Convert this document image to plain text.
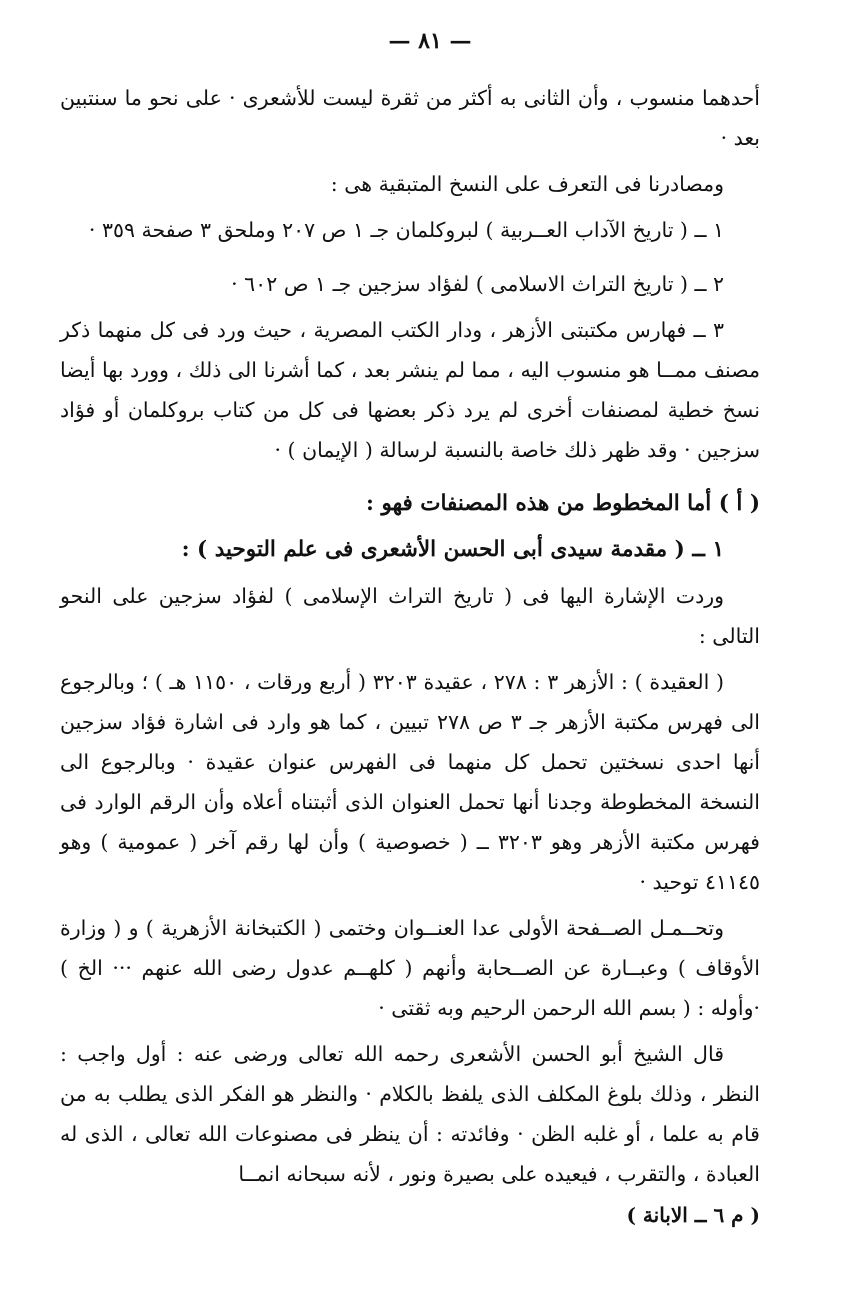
— ٨١ —

أحدهما منسوب ، وأن الثانى به أكثر من ثقرة ليست للأشعرى · على نحو ما سنتبين بعد ·

ومصادرنا فى التعرف على النسخ المتبقية هى :

١ ــ ( تاريخ الآداب العــربية ) لبروكلمان جـ ١ ص ٢٠٧ وملحق ٣ صفحة ٣٥٩ ·

٢ ــ ( تاريخ التراث الاسلامى ) لفؤاد سزجين جـ ١ ص ٦٠٢ ·

٣ ــ فهارس مكتبتى الأزهر ، ودار الكتب المصرية ، حيث ورد فى كل منهما ذكر مصنف ممــا هو منسوب اليه ، مما لم ينشر بعد ، كما أشرنا الى ذلك ، وورد بها أيضا نسخ خطية لمصنفات أخرى لم يرد ذكر بعضها فى كل من كتاب بروكلمان أو فؤاد سزجين · وقد ظهر ذلك خاصة بالنسبة لرسالة ( الإيمان ) ·

( أ ) أما المخطوط من هذه المصنفات فهو :

١ ــ ( مقدمة سيدى أبى الحسن الأشعرى فى علم التوحيد ) :

وردت الإشارة اليها فى ( تاريخ التراث الإسلامى ) لفؤاد سزجين على النحو التالى :

( العقيدة ) : الأزهر ٣ : ٢٧٨ ، عقيدة ٣٢٠٣ ( أربع ورقات ، ١١٥٠ هـ ) ؛ وبالرجوع الى فهرس مكتبة الأزهر جـ ٣ ص ٢٧٨ تبيين ، كما هو وارد فى اشارة فؤاد سزجين أنها احدى نسختين تحمل كل منهما فى الفهرس عنوان عقيدة · وبالرجوع الى النسخة المخطوطة وجدنا أنها تحمل العنوان الذى أثبتناه أعلاه وأن الرقم الوارد فى فهرس مكتبة الأزهر وهو ٣٢٠٣ ــ ( خصوصية ) وأن لها رقم آخر ( عمومية ) وهو ٤١١٤٥ توحيد ·

وتحــمـل الصــفحة الأولى عدا العنــوان وختمى ( الكتبخانة الأزهرية ) و ( وزارة الأوقاف ) وعبــارة عن الصــحابة وأنهم ( كلهــم عدول رضى الله عنهم ··· الخ ) ·وأوله : ( بسم الله الرحمن الرحيم وبه ثقتى ·

قال الشيخ أبو الحسن الأشعرى رحمه الله تعالى ورضى عنه : أول واجب : النظر ، وذلك بلوغ المكلف الذى يلفظ بالكلام · والنظر هو الفكر الذى يطلب به من قام به علما ، أو غلبه الظن · وفائدته : أن ينظر فى مصنوعات الله تعالى ، الذى له العبادة ، والتقرب ، فيعيده على بصيرة ونور ، لأنه سبحانه انمــا

( م ٦ ــ الابانة )
